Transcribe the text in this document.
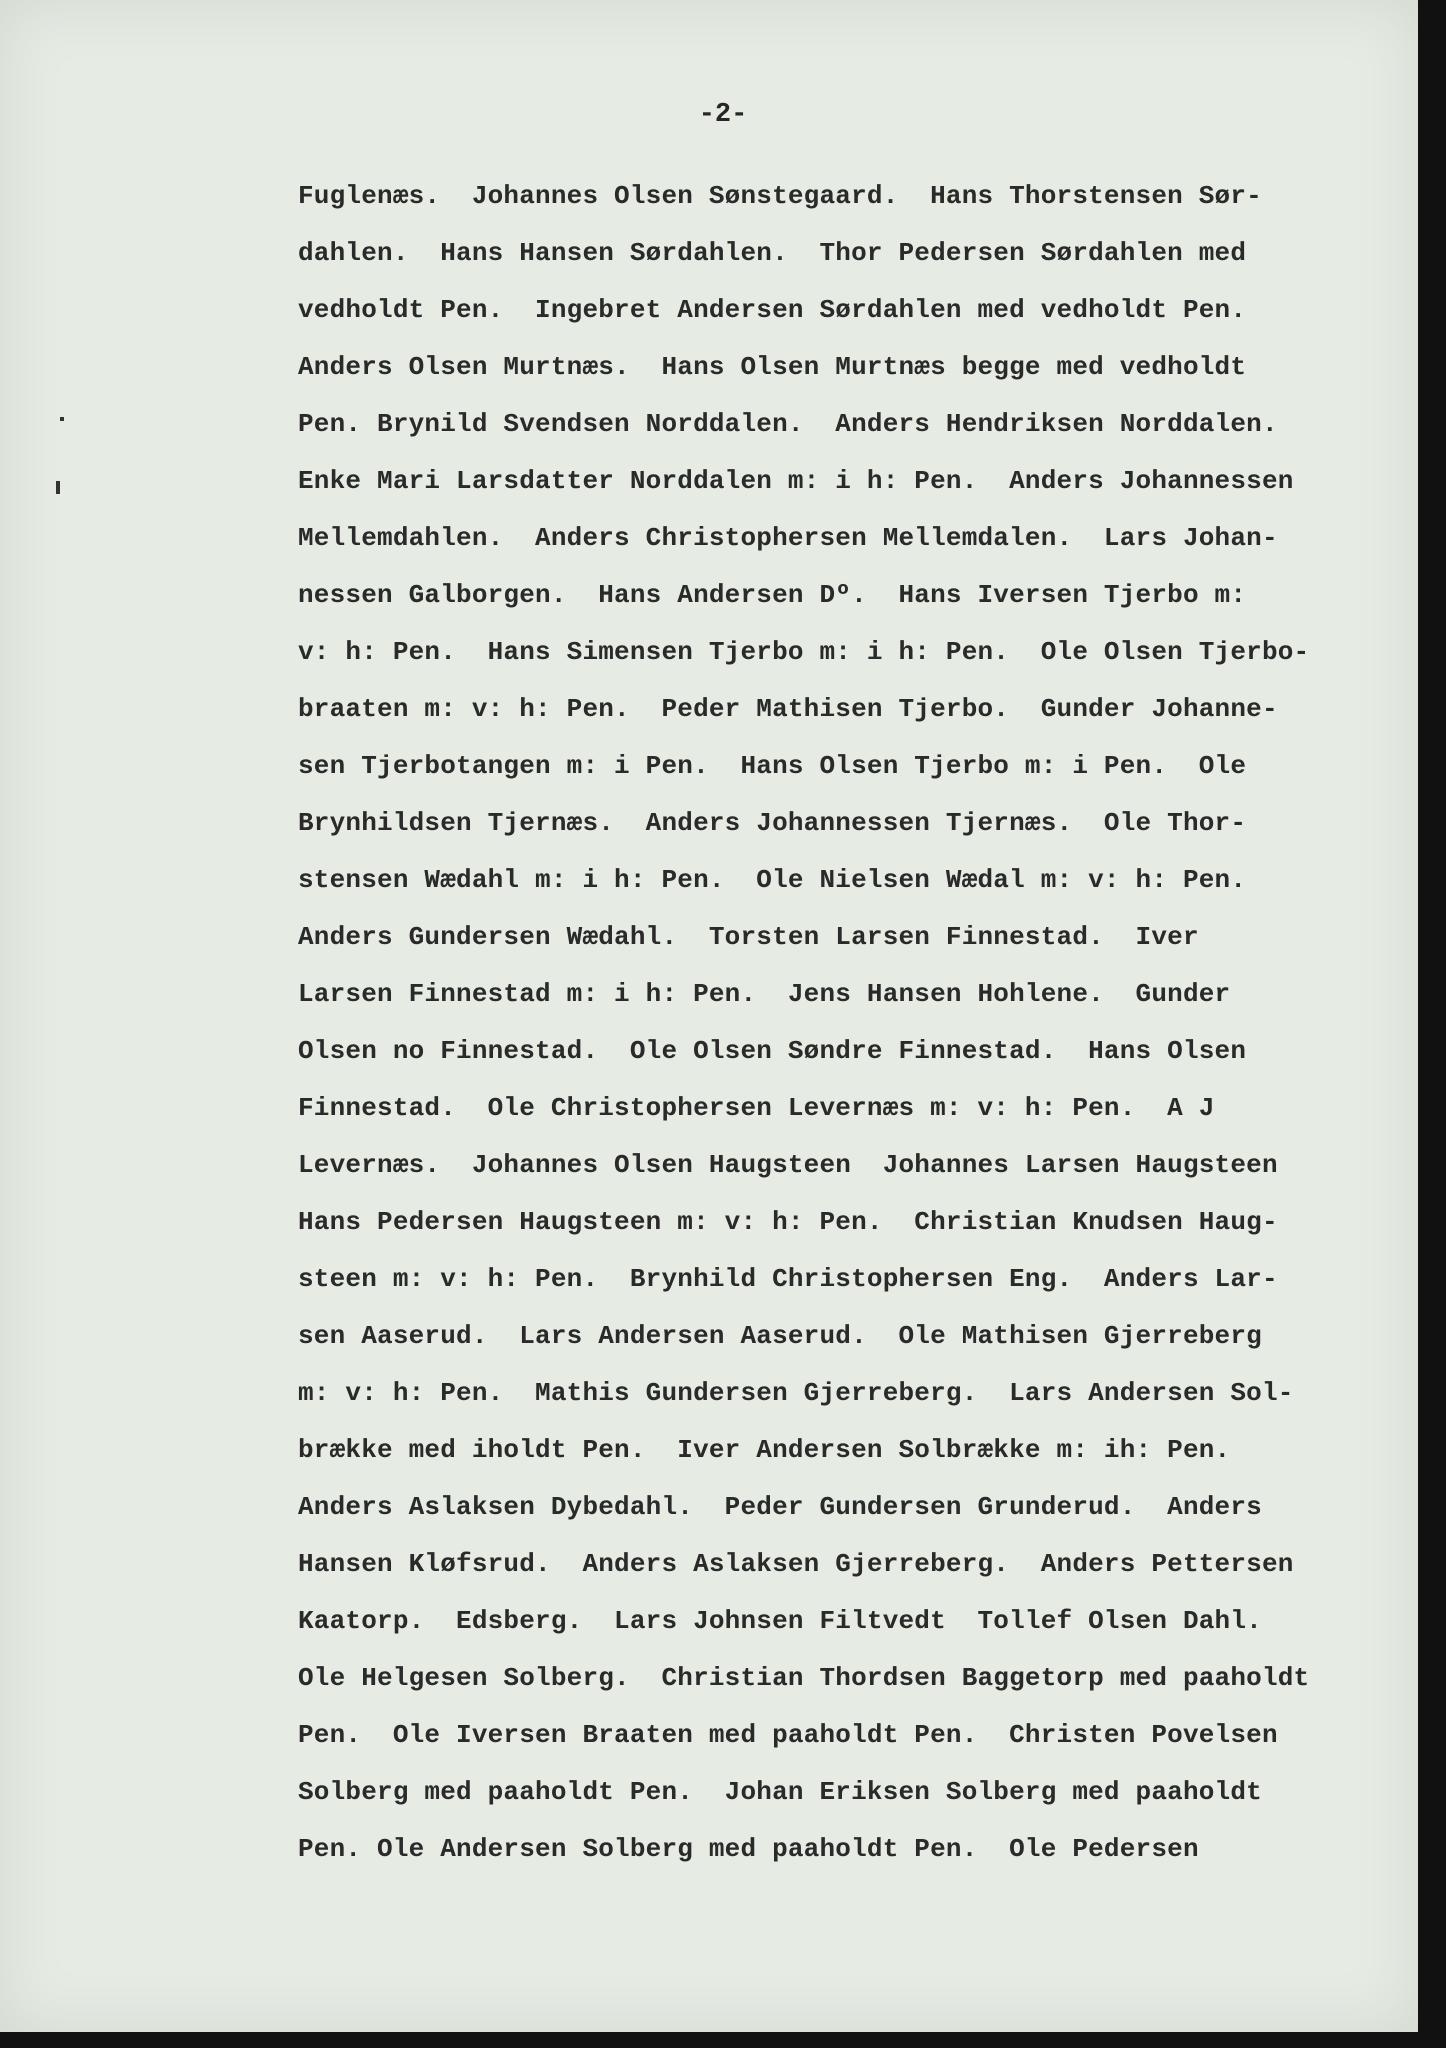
-2-

Fuglenæs.  Johannes Olsen Sønstegaard.  Hans Thorstensen Sør-
dahlen.  Hans Hansen Sørdahlen.  Thor Pedersen Sørdahlen med
vedholdt Pen.  Ingebret Andersen Sørdahlen med vedholdt Pen.
Anders Olsen Murtnæs.  Hans Olsen Murtnæs begge med vedholdt
Pen. Brynild Svendsen Norddalen.  Anders Hendriksen Norddalen.
Enke Mari Larsdatter Norddalen m: i h: Pen.  Anders Johannessen
Mellemdahlen.  Anders Christophersen Mellemdalen.  Lars Johan-
nessen Galborgen.  Hans Andersen Dº.  Hans Iversen Tjerbo m:
v: h: Pen.  Hans Simensen Tjerbo m: i h: Pen.  Ole Olsen Tjerbo-
braaten m: v: h: Pen.  Peder Mathisen Tjerbo.  Gunder Johanne-
sen Tjerbotangen m: i Pen.  Hans Olsen Tjerbo m: i Pen.  Ole
Brynhildsen Tjernæs.  Anders Johannessen Tjernæs.  Ole Thor-
stensen Wædahl m: i h: Pen.  Ole Nielsen Wædal m: v: h: Pen.
Anders Gundersen Wædahl.  Torsten Larsen Finnestad.  Iver
Larsen Finnestad m: i h: Pen.  Jens Hansen Hohlene.  Gunder
Olsen no Finnestad.  Ole Olsen Søndre Finnestad.  Hans Olsen
Finnestad.  Ole Christophersen Levernæs m: v: h: Pen.  A J
Levernæs.  Johannes Olsen Haugsteen  Johannes Larsen Haugsteen
Hans Pedersen Haugsteen m: v: h: Pen.  Christian Knudsen Haug-
steen m: v: h: Pen.  Brynhild Christophersen Eng.  Anders Lar-
sen Aaserud.  Lars Andersen Aaserud.  Ole Mathisen Gjerreberg
m: v: h: Pen.  Mathis Gundersen Gjerreberg.  Lars Andersen Sol-
brække med iholdt Pen.  Iver Andersen Solbrække m: ih: Pen.
Anders Aslaksen Dybedahl.  Peder Gundersen Grunderud.  Anders
Hansen Kløfsrud.  Anders Aslaksen Gjerreberg.  Anders Pettersen
Kaatorp.  Edsberg.  Lars Johnsen Filtvedt  Tollef Olsen Dahl.
Ole Helgesen Solberg.  Christian Thordsen Baggetorp med paaholdt
Pen.  Ole Iversen Braaten med paaholdt Pen.  Christen Povelsen
Solberg med paaholdt Pen.  Johan Eriksen Solberg med paaholdt
Pen. Ole Andersen Solberg med paaholdt Pen.  Ole Pedersen
